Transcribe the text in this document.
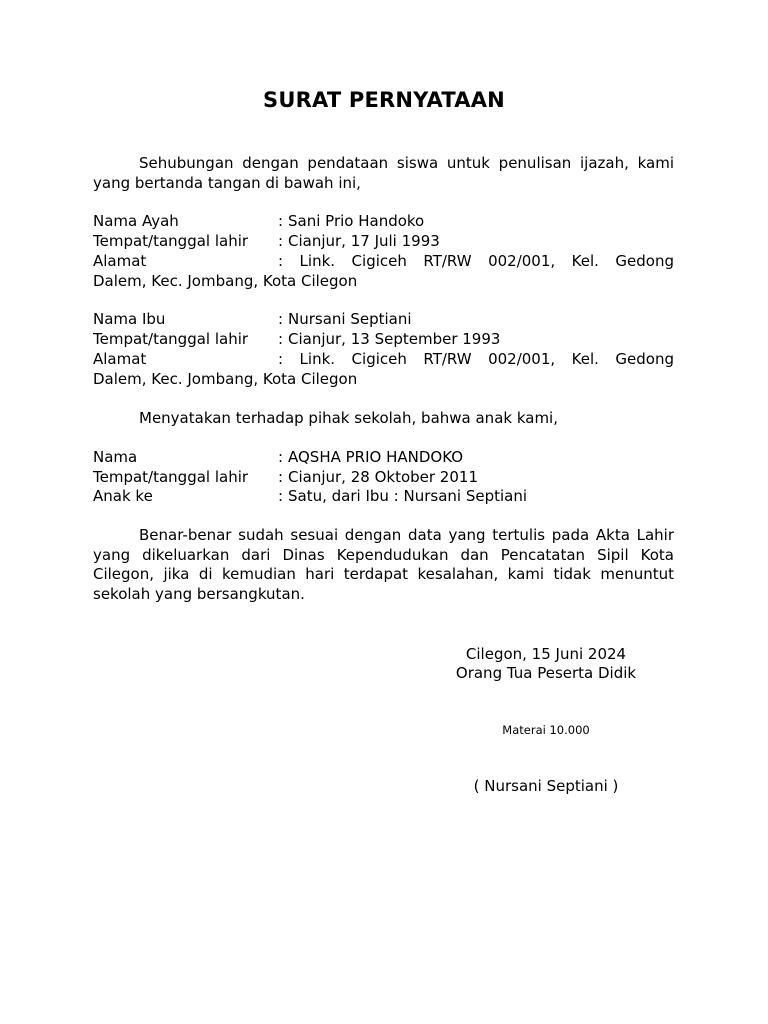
SURAT PERNYATAAN

Sehubungan dengan pendataan siswa untuk penulisan ijazah, kami yang bertanda tangan di bawah ini,

Nama Ayah	: Sani Prio Handoko
Tempat/tanggal lahir : Cianjur, 17 Juli 1993
Alamat	: Link. Cigiceh RT/RW 002/001, Kel. Gedong
Dalem, Kec. Jombang, Kota Cilegon
Nama Ibu	: Nursani Septiani
Tempat/tanggal lahir : Cianjur, 13 September 1993
Alamat	: Link. Cigiceh RT/RW 002/001, Kel. Gedong
Dalem, Kec. Jombang, Kota Cilegon

Menyatakan terhadap pihak sekolah, bahwa anak kami,

Nama	: AQSHA PRIO HANDOKO
Tempat/tanggal lahir : Cianjur, 28 Oktober 2011
Anak ke	: Satu, dari Ibu : Nursani Septiani

Benar-benar sudah sesuai dengan data yang tertulis pada Akta Lahir yang dikeluarkan dari Dinas Kependudukan dan Pencatatan Sipil Kota Cilegon, jika di kemudian hari terdapat kesalahan, kami tidak menuntut sekolah yang bersangkutan.

Cilegon, 15 Juni 2024
Orang Tua Peserta Didik
Materai 10.000
( Nursani Septiani )
